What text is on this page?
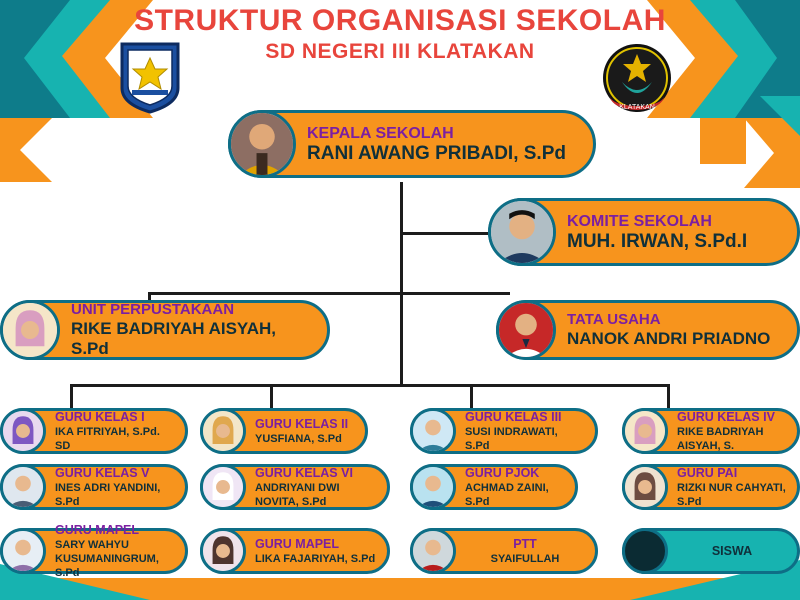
STRUKTUR ORGANISASI SEKOLAH
SD NEGERI III KLATAKAN
KLATAKAN
KEPALA SEKOLAH
RANI AWANG PRIBADI, S.Pd
KOMITE SEKOLAH
MUH. IRWAN, S.Pd.I
UNIT PERPUSTAKAAN
RIKE BADRIYAH AISYAH, S.Pd
TATA USAHA
NANOK ANDRI PRIADNO
GURU KELAS I
IKA FITRIYAH, S.Pd. SD
GURU KELAS II
YUSFIANA, S.Pd
GURU KELAS III
SUSI INDRAWATI, S.Pd
GURU KELAS IV
RIKE BADRIYAH AISYAH, S.
GURU KELAS V
INES ADRI YANDINI, S.Pd
GURU KELAS VI
ANDRIYANI DWI NOVITA, S.Pd
GURU PJOK
ACHMAD ZAINI, S.Pd
GURU PAI
RIZKI NUR CAHYATI, S.Pd
GURU MAPEL
SARY WAHYU KUSUMANINGRUM, S.Pd
GURU MAPEL
LIKA FAJARIYAH, S.Pd
PTT
SYAIFULLAH
SISWA
